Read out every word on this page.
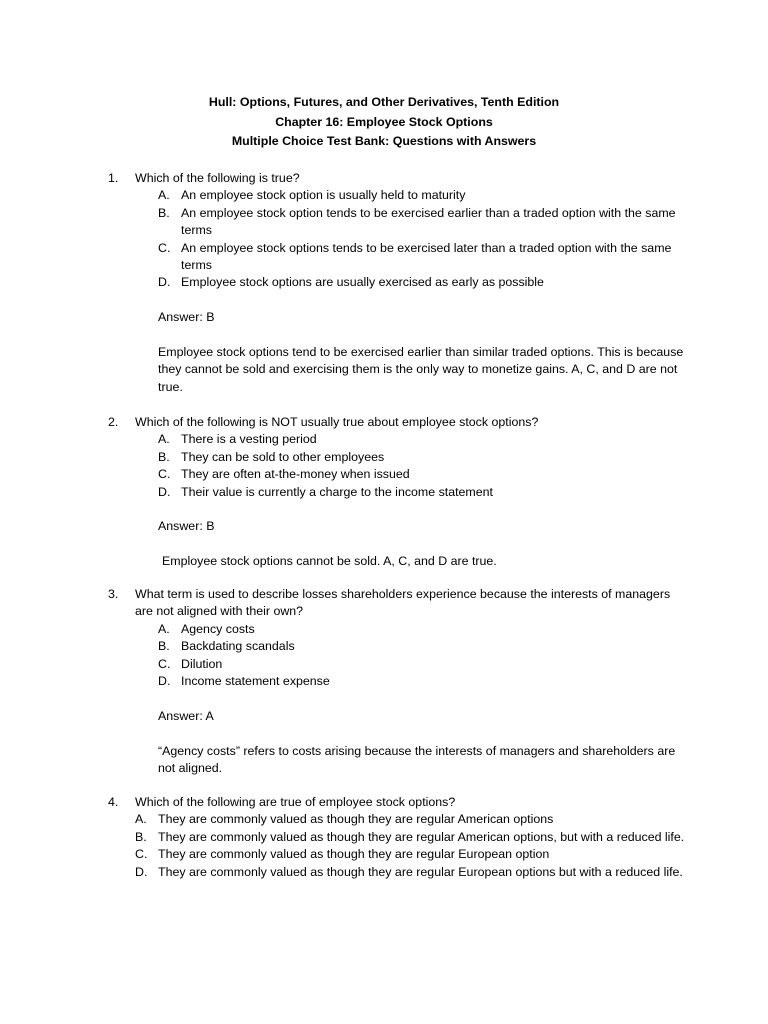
Hull: Options, Futures, and Other Derivatives, Tenth Edition
Chapter 16: Employee Stock Options
Multiple Choice Test Bank: Questions with Answers
1. Which of the following is true?
A. An employee stock option is usually held to maturity
B. An employee stock option tends to be exercised earlier than a traded option with the same terms
C. An employee stock options tends to be exercised later than a traded option with the same terms
D. Employee stock options are usually exercised as early as possible
Answer: B
Employee stock options tend to be exercised earlier than similar traded options. This is because they cannot be sold and exercising them is the only way to monetize gains. A, C, and D are not true.
2. Which of the following is NOT usually true about employee stock options?
A. There is a vesting period
B. They can be sold to other employees
C. They are often at-the-money when issued
D. Their value is currently a charge to the income statement
Answer: B
Employee stock options cannot be sold. A, C, and D are true.
3. What term is used to describe losses shareholders experience because the interests of managers are not aligned with their own?
A. Agency costs
B. Backdating scandals
C. Dilution
D. Income statement expense
Answer: A
“Agency costs” refers to costs arising because the interests of managers and shareholders are not aligned.
4. Which of the following are true of employee stock options?
A. They are commonly valued as though they are regular American options
B. They are commonly valued as though they are regular American options, but with a reduced life.
C. They are commonly valued as though they are regular European option
D. They are commonly valued as though they are regular European options but with a reduced life.
